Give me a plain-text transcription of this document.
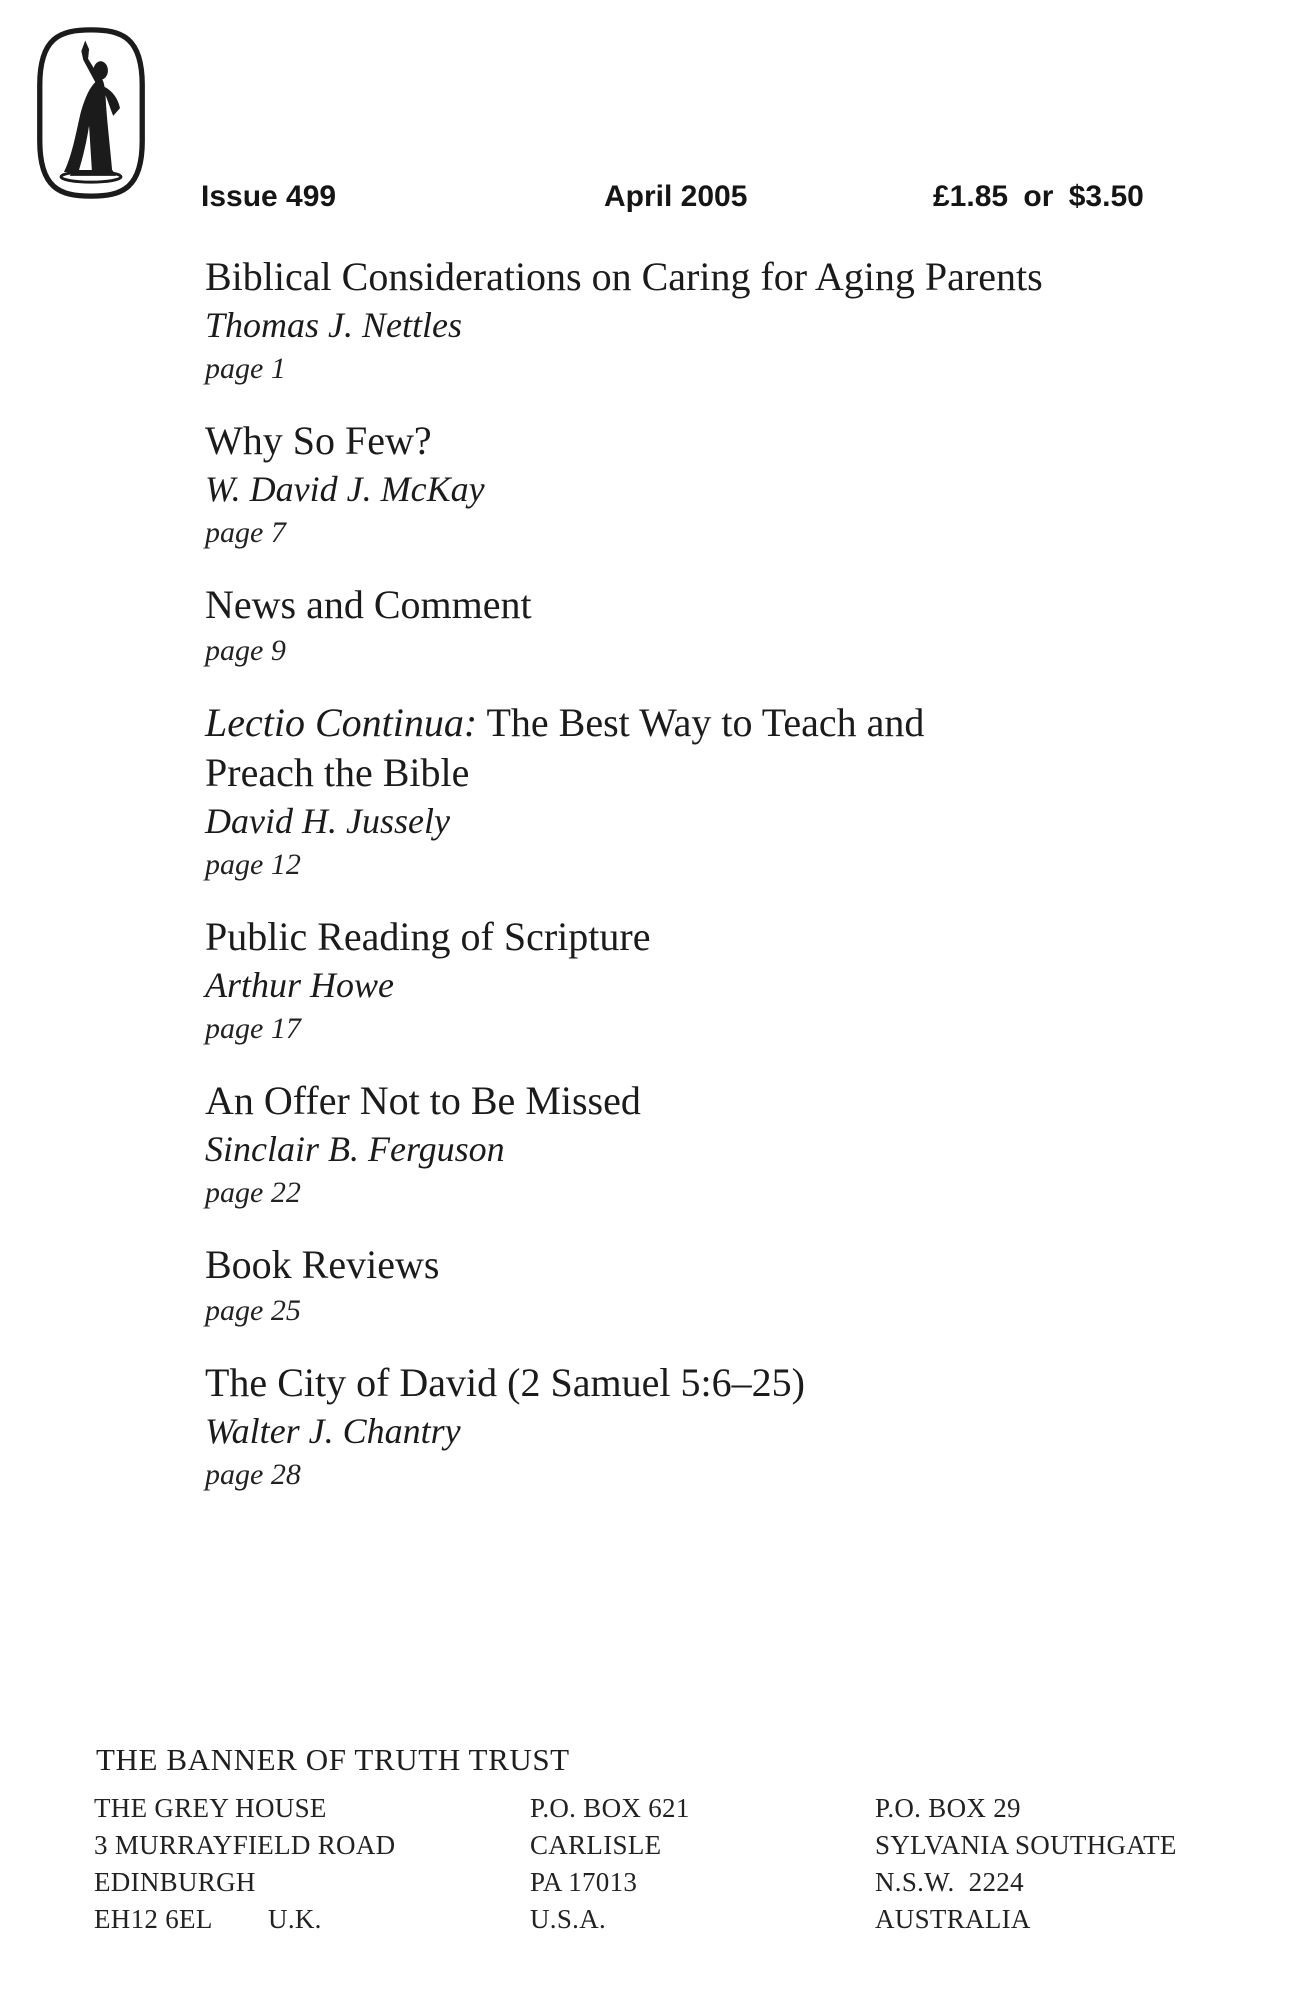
Issue 499	April 2005	£1.85 or $3.50
Biblical Considerations on Caring for Aging Parents
Thomas J. Nettles
page 1
Why So Few?
W. David J. McKay
page 7
News and Comment
page 9
Lectio Continua: The Best Way to Teach and
Preach the Bible
David H. Jussely
page 12
Public Reading of Scripture
Arthur Howe
page 17
An Offer Not to Be Missed
Sinclair B. Ferguson
page 22
Book Reviews
page 25
The City of David (2 Samuel 5:6–25)
Walter J. Chantry
page 28
THE BANNER OF TRUTH TRUST
THE GREY HOUSE
3 MURRAYFIELD ROAD
EDINBURGH
EH12 6EL        U.K.
P.O. BOX 621
CARLISLE
PA 17013
U.S.A.
P.O. BOX 29
SYLVANIA SOUTHGATE
N.S.W.  2224
AUSTRALIA
